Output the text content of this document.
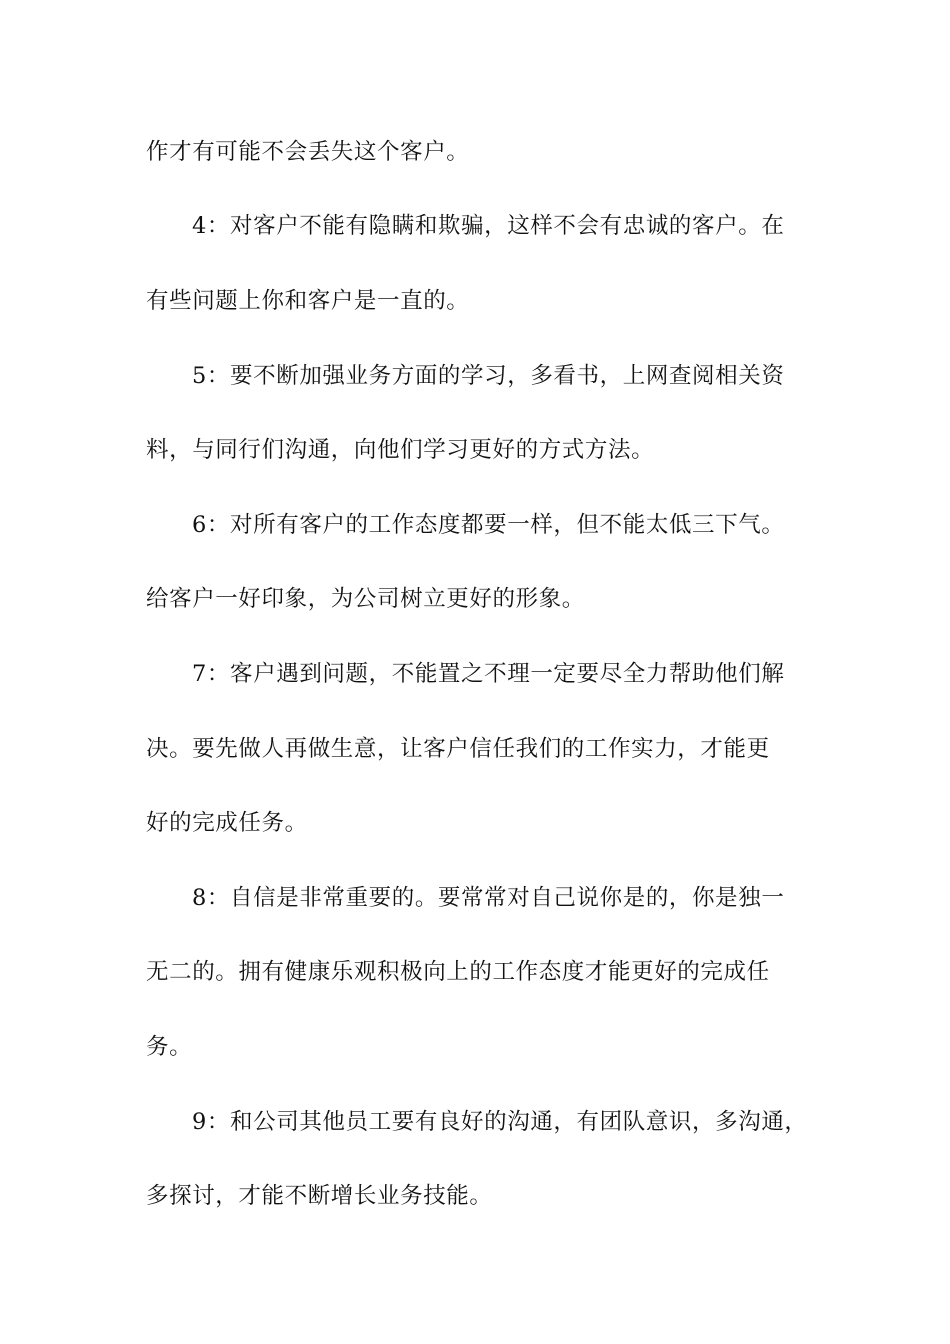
作才有可能不会丢失这个客户。
4：对客户不能有隐瞒和欺骗，这样不会有忠诚的客户。在
有些问题上你和客户是一直的。
5：要不断加强业务方面的学习，多看书，上网查阅相关资
料，与同行们沟通，向他们学习更好的方式方法。
6：对所有客户的工作态度都要一样，但不能太低三下气。
给客户一好印象，为公司树立更好的形象。
7：客户遇到问题，不能置之不理一定要尽全力帮助他们解
决。要先做人再做生意，让客户信任我们的工作实力，才能更
好的完成任务。
8：自信是非常重要的。要常常对自己说你是的，你是独一
无二的。拥有健康乐观积极向上的工作态度才能更好的完成任
务。
9：和公司其他员工要有良好的沟通，有团队意识，多沟通，
多探讨，才能不断增长业务技能。
